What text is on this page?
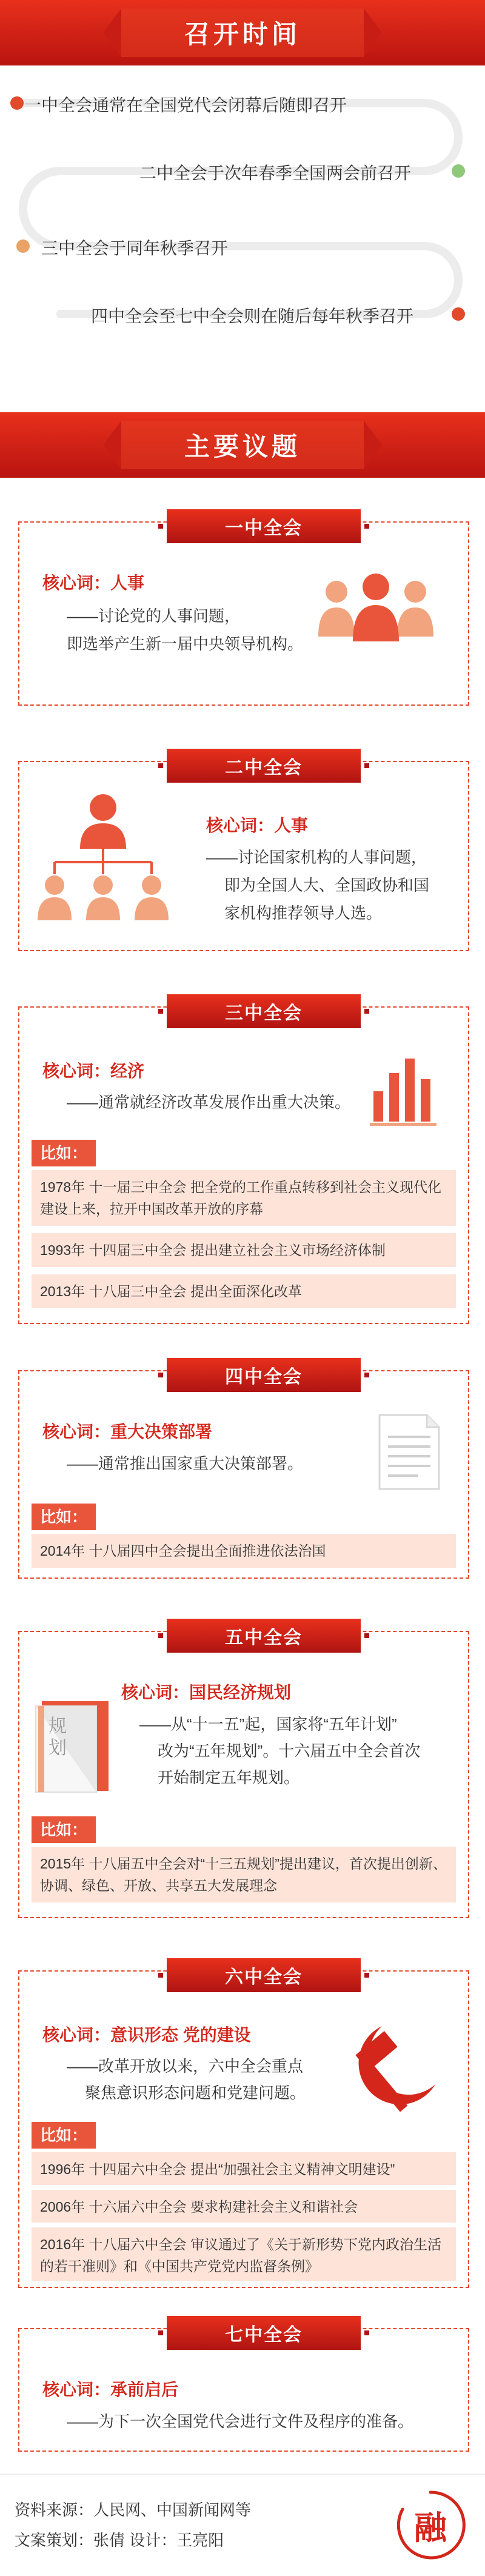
召开时间
一中全会通常在全国党代会闭幕后随即召开
二中全会于次年春季全国两会前召开
三中全会于同年秋季召开
四中全会至七中全会则在随后每年秋季召开
主要议题
一中全会
核心词：人事
——讨论党的人事问题，
即选举产生新一届中央领导机构。
二中全会
核心词：人事
——讨论国家机构的人事问题，
即为全国人大、全国政协和国
家机构推荐领导人选。
三中全会
核心词：经济
——通常就经济改革发展作出重大决策。
比如：
1978年 十一届三中全会 把全党的工作重点转移到社会主义现代化建设上来，拉开中国改革开放的序幕
1993年 十四届三中全会 提出建立社会主义市场经济体制
2013年 十八届三中全会 提出全面深化改革
四中全会
核心词：重大决策部署
——通常推出国家重大决策部署。
比如：
2014年 十八届四中全会提出全面推进依法治国
五中全会
规划
核心词：国民经济规划
——从“十一五”起，国家将“五年计划”
改为“五年规划”。十六届五中全会首次
开始制定五年规划。
比如：
2015年 十八届五中全会对“十三五规划”提出建议，首次提出创新、协调、绿色、开放、共享五大发展理念
六中全会
核心词：意识形态 党的建设
——改革开放以来，六中全会重点
聚焦意识形态问题和党建问题。
比如：
1996年 十四届六中全会 提出“加强社会主义精神文明建设”
2006年 十六届六中全会 要求构建社会主义和谐社会
2016年 十八届六中全会 审议通过了《关于新形势下党内政治生活的若干准则》和《中国共产党党内监督条例》
七中全会
核心词：承前启后
——为下一次全国党代会进行文件及程序的准备。
资料来源：人民网、中国新闻网等
文案策划：张倩 设计：王亮阳	融
